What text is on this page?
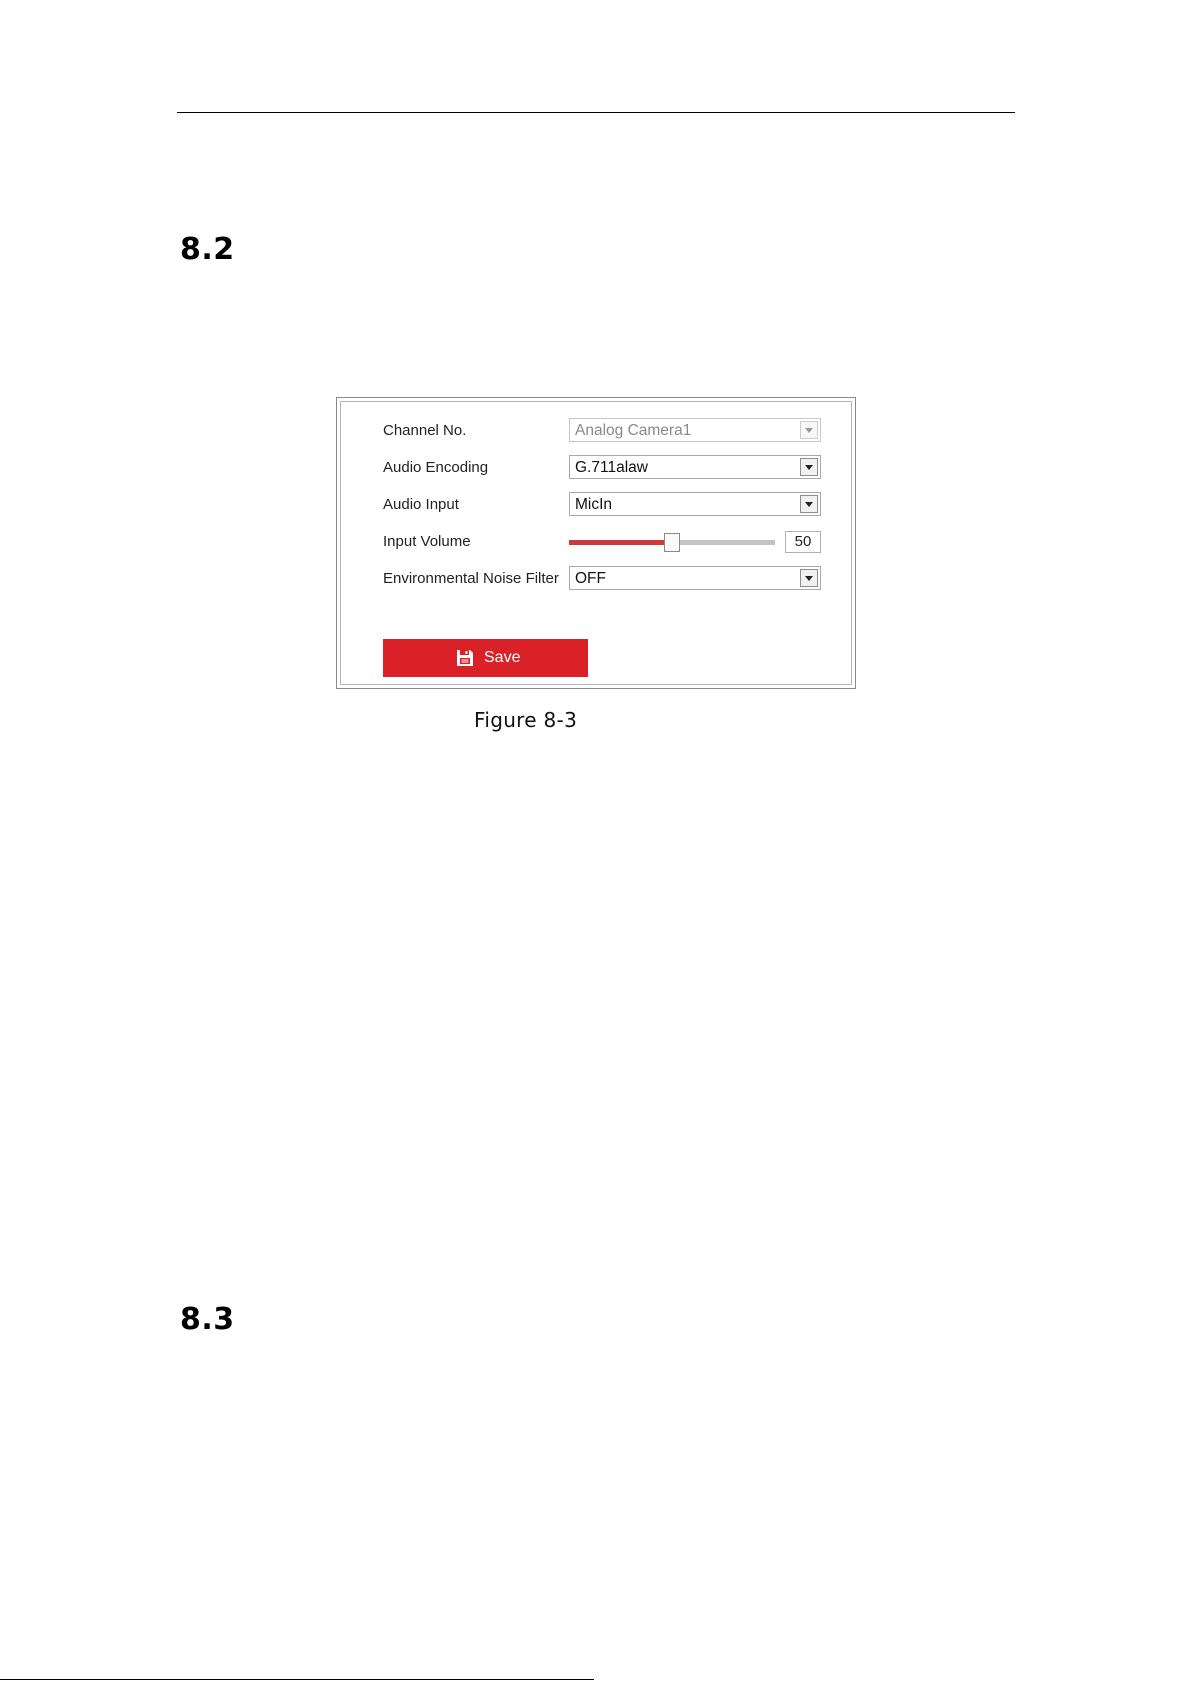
8.2
Channel No.	Analog Camera1
Audio Encoding	G.711alaw
Audio Input	MicIn
Input Volume	50
Environmental Noise Filter OFF
Save
Figure 8-3
8.3
